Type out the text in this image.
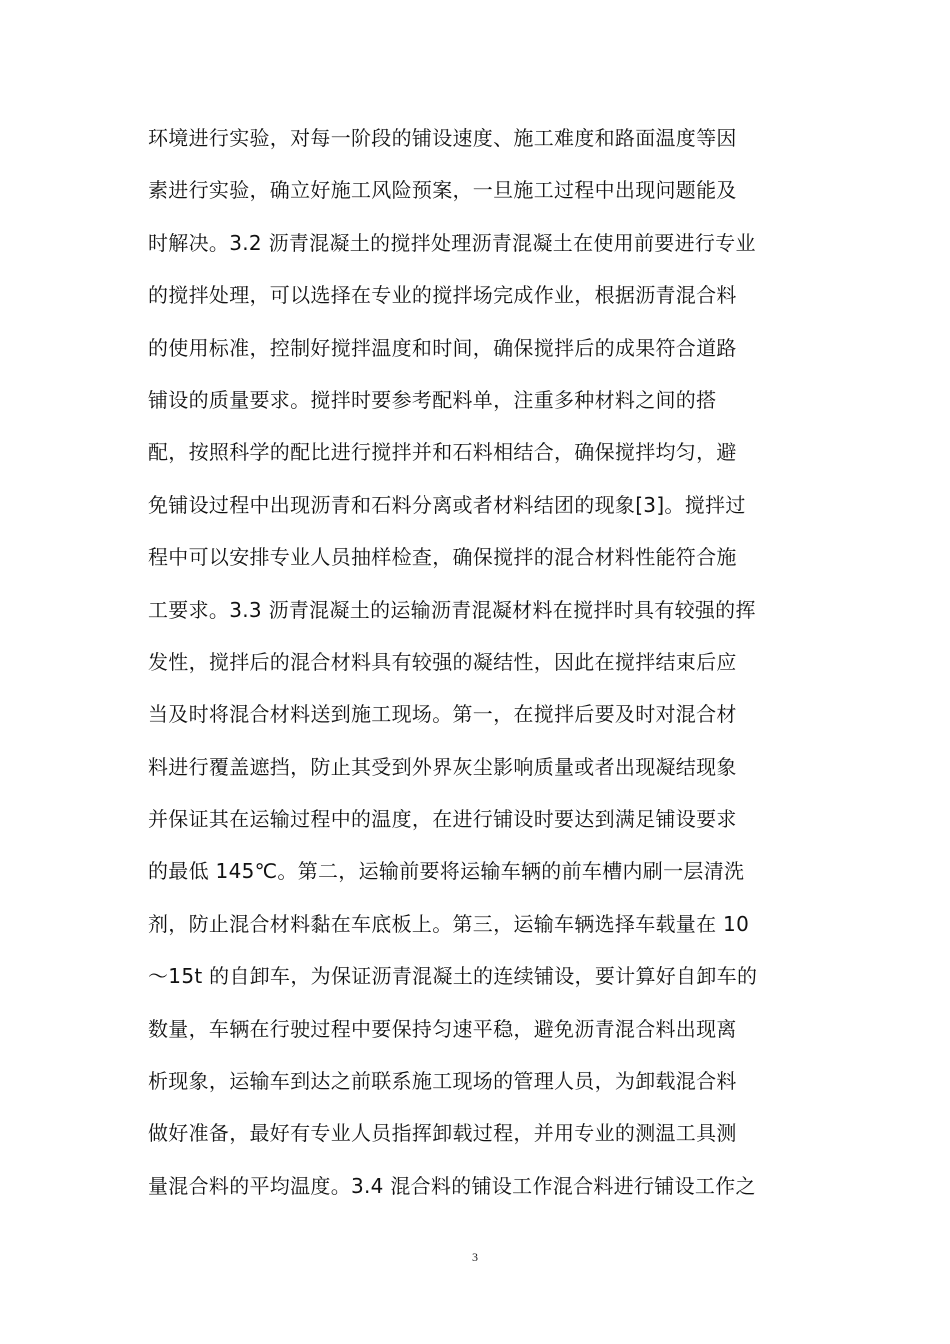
环境进行实验，对每一阶段的铺设速度、施工难度和路面温度等因
素进行实验，确立好施工风险预案，一旦施工过程中出现问题能及
时解决。3.2 沥青混凝土的搅拌处理沥青混凝土在使用前要进行专业
的搅拌处理，可以选择在专业的搅拌场完成作业，根据沥青混合料
的使用标准，控制好搅拌温度和时间，确保搅拌后的成果符合道路
铺设的质量要求。搅拌时要参考配料单，注重多种材料之间的搭
配，按照科学的配比进行搅拌并和石料相结合，确保搅拌均匀，避
免铺设过程中出现沥青和石料分离或者材料结团的现象[3]。搅拌过
程中可以安排专业人员抽样检查，确保搅拌的混合材料性能符合施
工要求。3.3 沥青混凝土的运输沥青混凝材料在搅拌时具有较强的挥
发性，搅拌后的混合材料具有较强的凝结性，因此在搅拌结束后应
当及时将混合材料送到施工现场。第一，在搅拌后要及时对混合材
料进行覆盖遮挡，防止其受到外界灰尘影响质量或者出现凝结现象
并保证其在运输过程中的温度，在进行铺设时要达到满足铺设要求
的最低 145℃。第二，运输前要将运输车辆的前车槽内刷一层清洗
剂，防止混合材料黏在车底板上。第三，运输车辆选择车载量在 10
～15t 的自卸车，为保证沥青混凝土的连续铺设，要计算好自卸车的
数量，车辆在行驶过程中要保持匀速平稳，避免沥青混合料出现离
析现象，运输车到达之前联系施工现场的管理人员，为卸载混合料
做好准备，最好有专业人员指挥卸载过程，并用专业的测温工具测
量混合料的平均温度。3.4 混合料的铺设工作混合料进行铺设工作之
3
